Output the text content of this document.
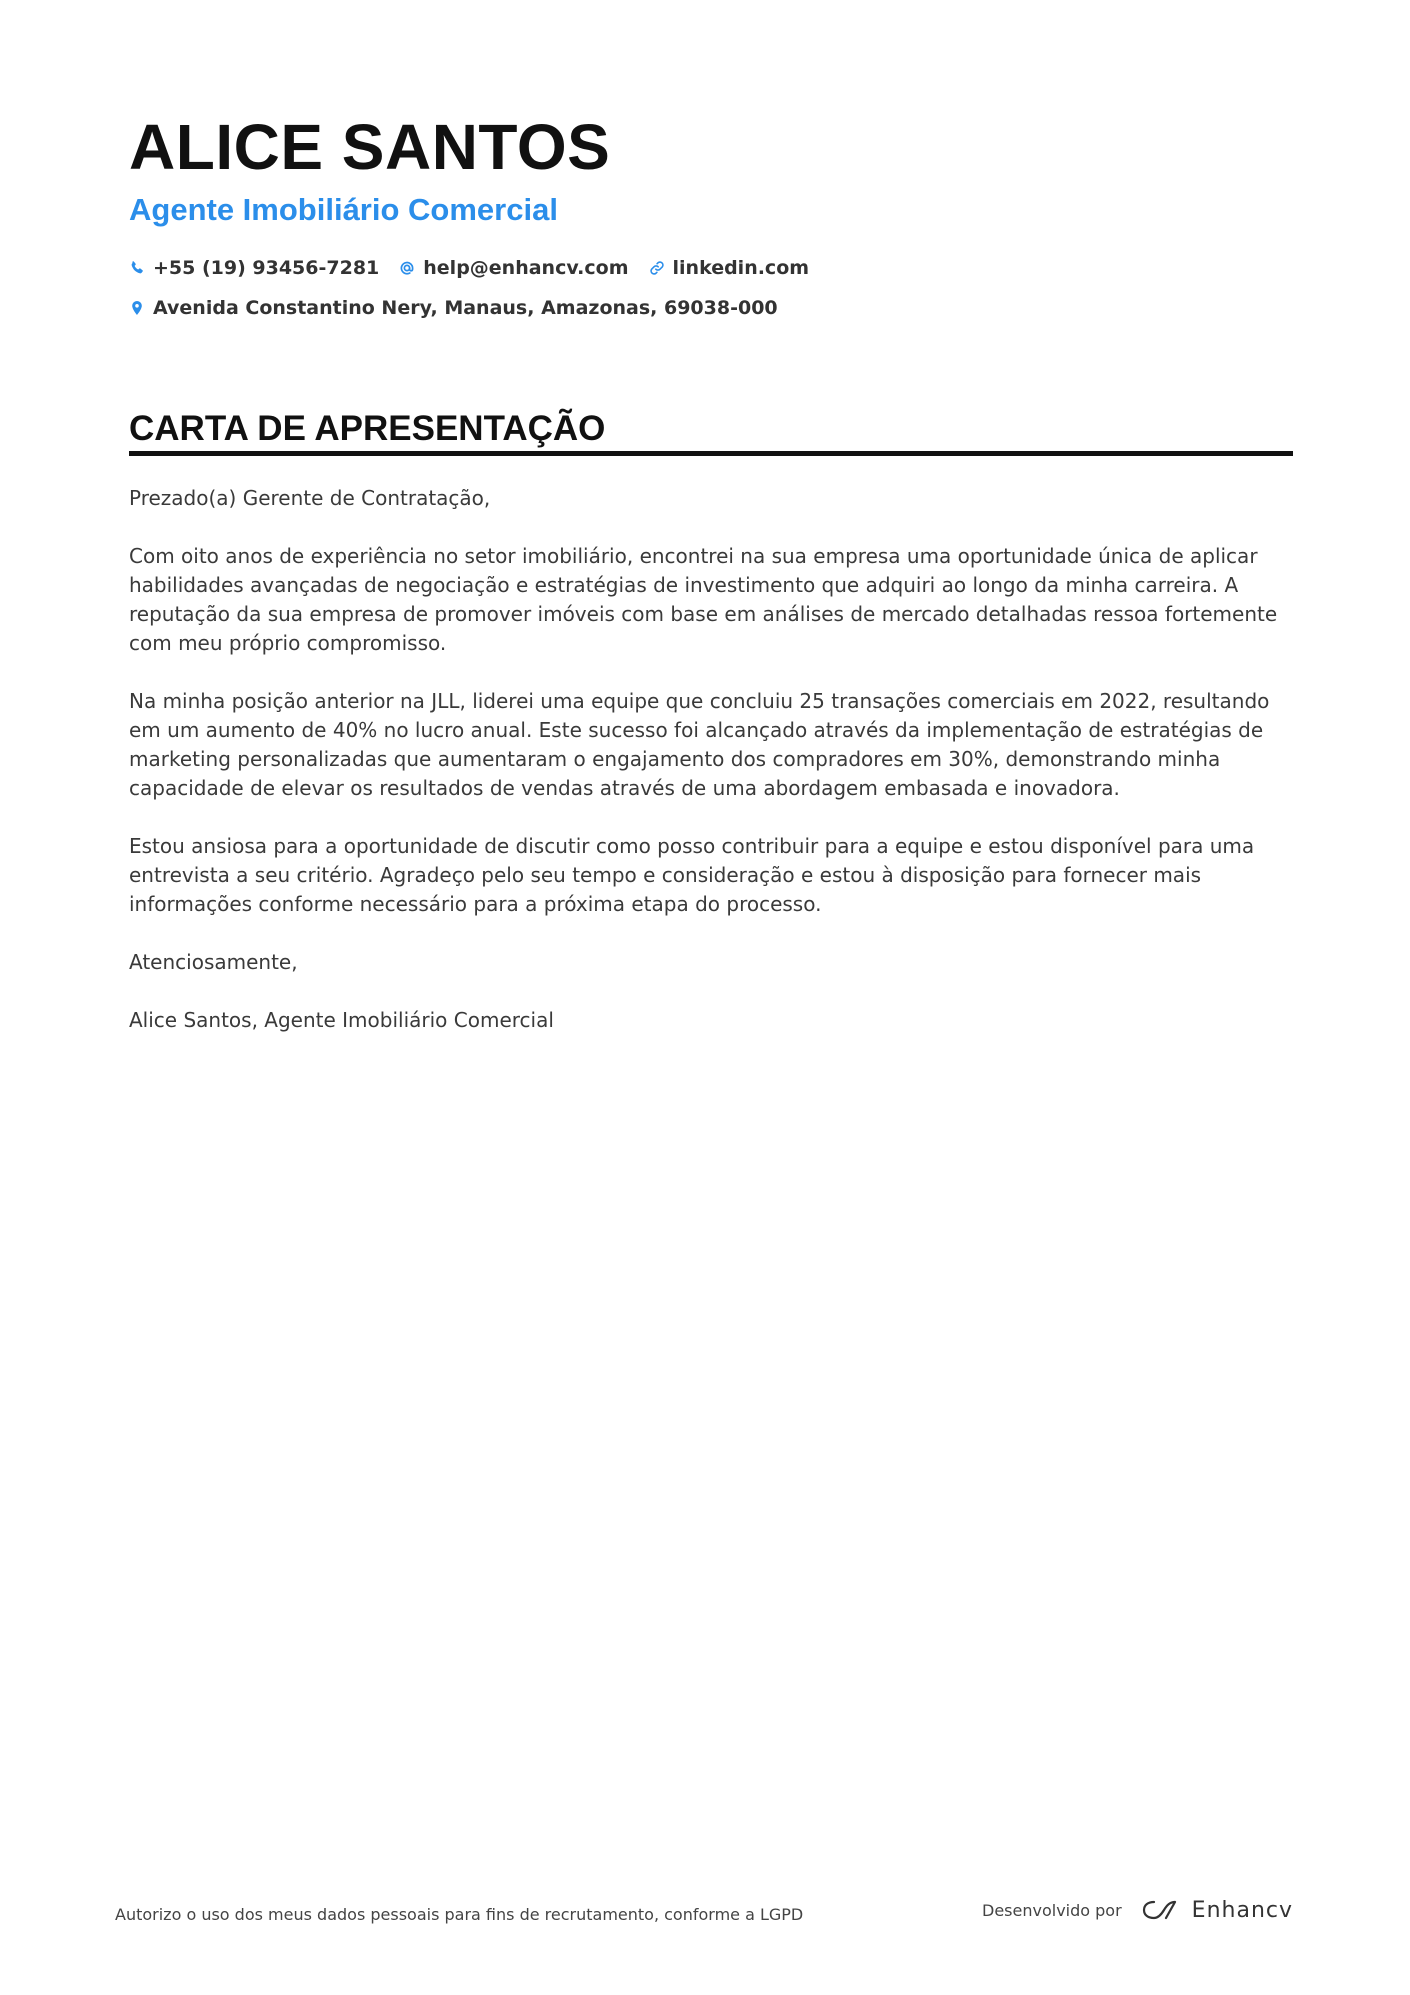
ALICE SANTOS
Agente Imobiliário Comercial
+55 (19) 93456-7281 help@enhancv.com linkedin.com
Avenida Constantino Nery, Manaus, Amazonas, 69038-000
CARTA DE APRESENTAÇÃO

Prezado(a) Gerente de Contratação,

Com oito anos de experiência no setor imobiliário, encontrei na sua empresa uma oportunidade única de aplicar habilidades avançadas de negociação e estratégias de investimento que adquiri ao longo da minha carreira. A reputação da sua empresa de promover imóveis com base em análises de mercado detalhadas ressoa fortemente com meu próprio compromisso.

Na minha posição anterior na JLL, liderei uma equipe que concluiu 25 transações comerciais em 2022, resultando em um aumento de 40% no lucro anual. Este sucesso foi alcançado através da implementação de estratégias de marketing personalizadas que aumentaram o engajamento dos compradores em 30%, demonstrando minha capacidade de elevar os resultados de vendas através de uma abordagem embasada e inovadora.

Estou ansiosa para a oportunidade de discutir como posso contribuir para a equipe e estou disponível para uma entrevista a seu critério. Agradeço pelo seu tempo e consideração e estou à disposição para fornecer mais informações conforme necessário para a próxima etapa do processo.

Atenciosamente,

Alice Santos, Agente Imobiliário Comercial

Autorizo o uso dos meus dados pessoais para fins de recrutamento, conforme a LGPD	Desenvolvido por	Enhancv
